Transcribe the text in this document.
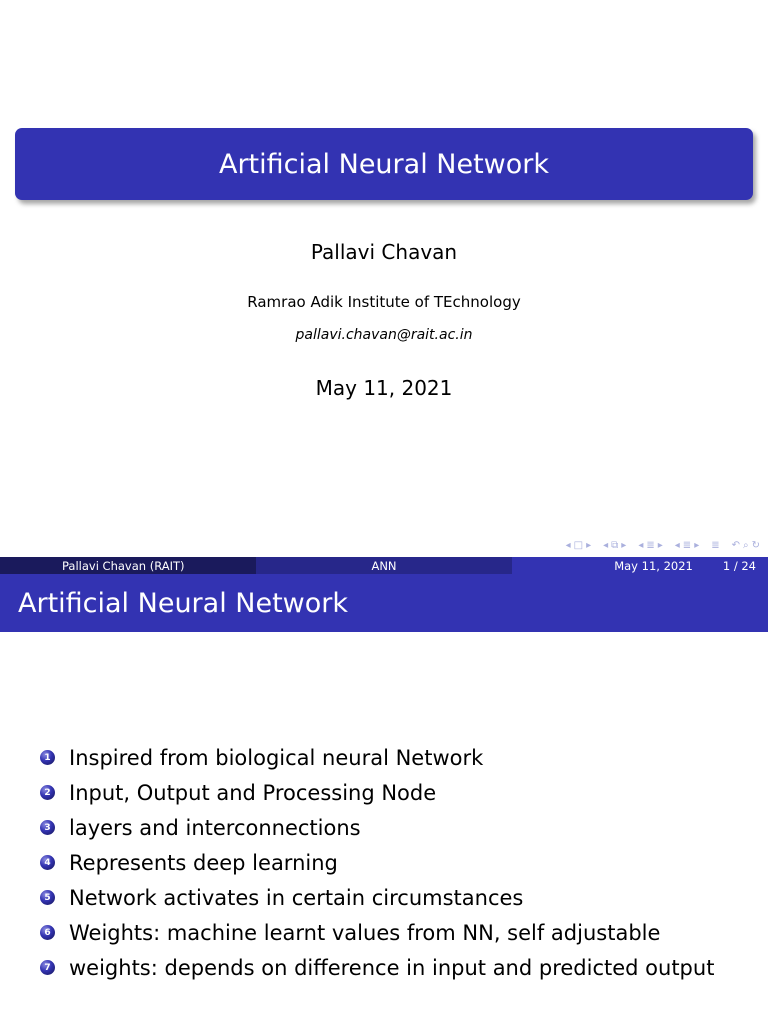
Artificial Neural Network
Pallavi Chavan
Ramrao Adik Institute of TEchnology
pallavi.chavan@rait.ac.in
May 11, 2021
◂ □ ▸ ◂ ⧉ ▸ ◂ ≣ ▸ ◂ ≣ ▸ ≣ ↶ ⌕ ↻
Pallavi Chavan (RAIT)	ANN	May 11, 2021	1 / 24
Artificial Neural Network
1 Inspired from biological neural Network
2 Input, Output and Processing Node
3 layers and interconnections
4 Represents deep learning
5 Network activates in certain circumstances
6 Weights: machine learnt values from NN, self adjustable
7 weights: depends on difference in input and predicted output
